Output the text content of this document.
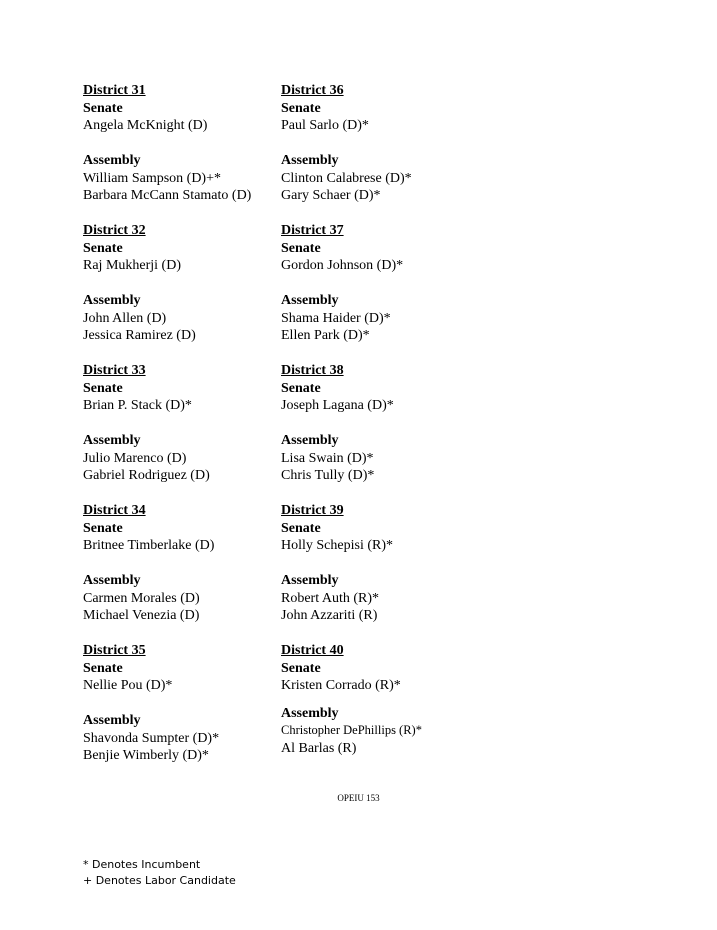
District 31
Senate
Angela McKnight (D)
Assembly
William Sampson (D)+*
Barbara McCann Stamato (D)
District 32
Senate
Raj Mukherji (D)
Assembly
John Allen (D)
Jessica Ramirez (D)
District 33
Senate
Brian P. Stack (D)*
Assembly
Julio Marenco (D)
Gabriel Rodriguez (D)
District 34
Senate
Britnee Timberlake (D)
Assembly
Carmen Morales (D)
Michael Venezia (D)
District 35
Senate
Nellie Pou (D)*
Assembly
Shavonda Sumpter (D)*
Benjie Wimberly (D)*
District 36
Senate
Paul Sarlo (D)*
Assembly
Clinton Calabrese (D)*
Gary Schaer (D)*
District 37
Senate
Gordon Johnson (D)*
Assembly
Shama Haider (D)*
Ellen Park (D)*
District 38
Senate
Joseph Lagana (D)*
Assembly
Lisa Swain (D)*
Chris Tully (D)*
District 39
Senate
Holly Schepisi (R)*
Assembly
Robert Auth (R)*
John Azzariti (R)
District 40
Senate
Kristen Corrado (R)*
Assembly
Christopher DePhillips (R)*
Al Barlas (R)
OPEIU 153
* Denotes Incumbent
+ Denotes Labor Candidate
